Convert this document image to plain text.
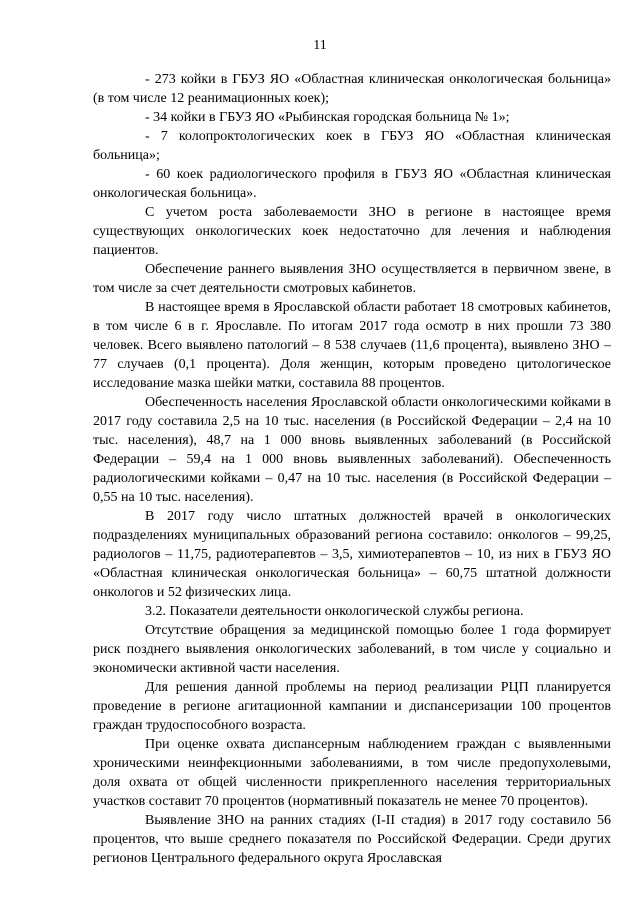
11

- 273 койки в ГБУЗ ЯО «Областная клиническая онкологическая больница» (в том числе 12 реанимационных коек);

- 34 койки в ГБУЗ ЯО «Рыбинская городская больница № 1»;

- 7 колопроктологических коек в ГБУЗ ЯО «Областная клиническая больница»;

- 60 коек радиологического профиля в ГБУЗ ЯО «Областная клиническая онкологическая больница».

С учетом роста заболеваемости ЗНО в регионе в настоящее время существующих онкологических коек недостаточно для лечения и наблюдения пациентов.

Обеспечение раннего выявления ЗНО осуществляется в первичном звене, в том числе за счет деятельности смотровых кабинетов.

В настоящее время в Ярославской области работает 18 смотровых кабинетов, в том числе 6 в г. Ярославле. По итогам 2017 года осмотр в них прошли 73 380 человек. Всего выявлено патологий – 8 538 случаев (11,6 процента), выявлено ЗНО – 77 случаев (0,1 процента). Доля женщин, которым проведено цитологическое исследование мазка шейки матки, составила 88 процентов.

Обеспеченность населения Ярославской области онкологическими койками в 2017 году составила 2,5 на 10 тыс. населения (в Российской Федерации – 2,4 на 10 тыс. населения), 48,7 на 1 000 вновь выявленных заболеваний (в Российской Федерации – 59,4 на 1 000 вновь выявленных заболеваний). Обеспеченность радиологическими койками – 0,47 на 10 тыс. населения (в Российской Федерации – 0,55 на 10 тыс. населения).

В 2017 году число штатных должностей врачей в онкологических подразделениях муниципальных образований региона составило: онкологов – 99,25, радиологов – 11,75, радиотерапевтов – 3,5, химиотерапевтов – 10, из них в ГБУЗ ЯО «Областная клиническая онкологическая больница» – 60,75 штатной должности онкологов и 52 физических лица.

3.2. Показатели деятельности онкологической службы региона.

Отсутствие обращения за медицинской помощью более 1 года формирует риск позднего выявления онкологических заболеваний, в том числе у социально и экономически активной части населения.

Для решения данной проблемы на период реализации РЦП планируется проведение в регионе агитационной кампании и диспансеризации 100 процентов граждан трудоспособного возраста.

При оценке охвата диспансерным наблюдением граждан с выявленными хроническими неинфекционными заболеваниями, в том числе предопухолевыми, доля охвата от общей численности прикрепленного населения территориальных участков составит 70 процентов (нормативный показатель не менее 70 процентов).

Выявление ЗНО на ранних стадиях (I-II стадия) в 2017 году составило 56 процентов, что выше среднего показателя по Российской Федерации. Среди других регионов Центрального федерального округа Ярославская
